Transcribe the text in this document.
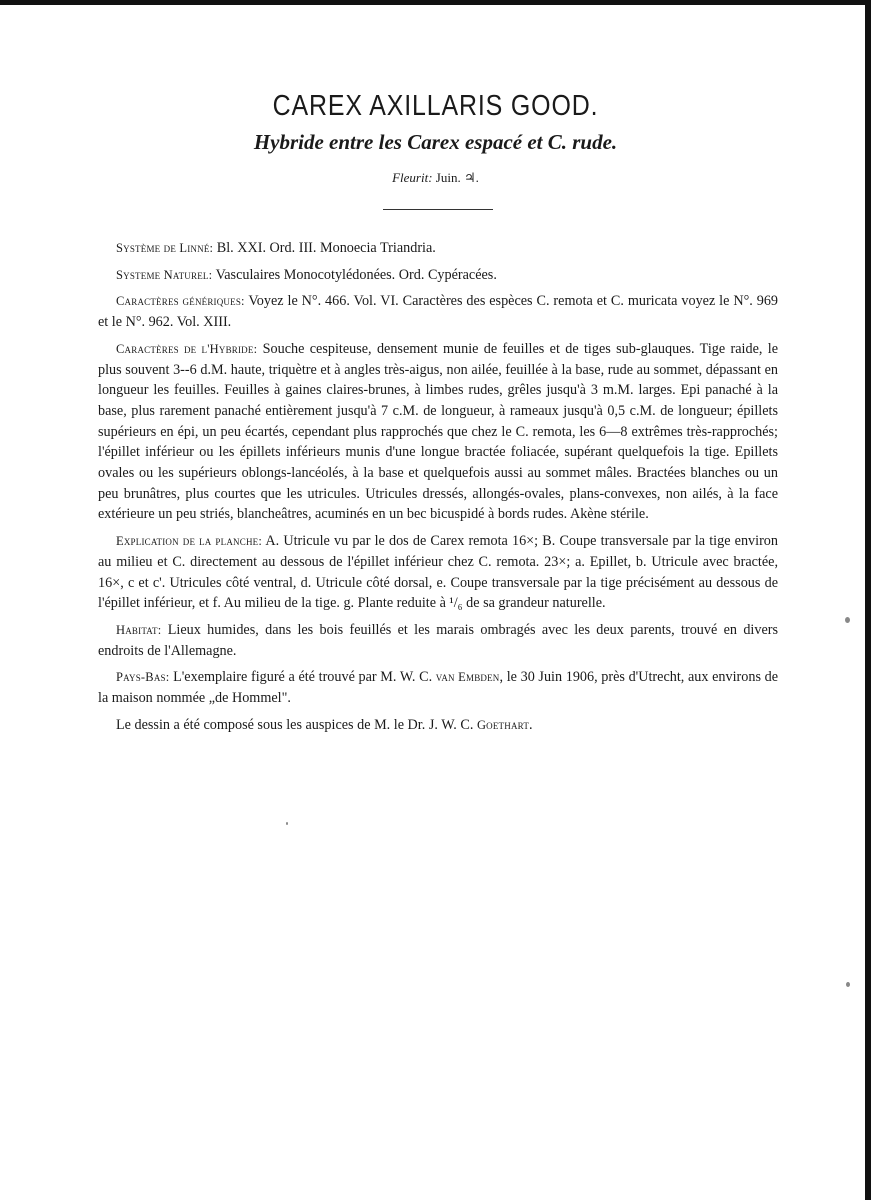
CAREX AXILLARIS GOOD.
Hybride entre les Carex espacé et C. rude.
Fleurit: Juin. ♃.

Système de Linné: Bl. XXI. Ord. III. Monoecia Triandria.

Systeme Naturel: Vasculaires Monocotylédonées. Ord. Cypéracées.

Caractères génériques: Voyez le N°. 466. Vol. VI. Caractères des espèces C. remota et C. muricata voyez le N°. 969 et le N°. 962. Vol. XIII.

Caractères de l'Hybride: Souche cespiteuse, densement munie de feuilles et de tiges sub-glauques. Tige raide, le plus souvent 3--6 d.M. haute, triquètre et à angles très-aigus, non ailée, feuillée à la base, rude au sommet, dépassant en longueur les feuilles. Feuilles à gaines claires-brunes, à limbes rudes, grêles jusqu'à 3 m.M. larges. Epi panaché à la base, plus rarement panaché entièrement jusqu'à 7 c.M. de longueur, à rameaux jusqu'à 0,5 c.M. de longueur; épillets supérieurs en épi, un peu écartés, cependant plus rapprochés que chez le C. remota, les 6—8 extrêmes très-rapprochés; l'épillet inférieur ou les épillets inférieurs munis d'une longue bractée foliacée, supérant quelquefois la tige. Epillets ovales ou les supérieurs oblongs-lancéolés, à la base et quelquefois aussi au sommet mâles. Bractées blanches ou un peu brunâtres, plus courtes que les utricules. Utricules dressés, allongés-ovales, plans-convexes, non ailés, à la face extérieure un peu striés, blancheâtres, acuminés en un bec bicuspidé à bords rudes. Akène stérile.

Explication de la planche: A. Utricule vu par le dos de Carex remota 16×; B. Coupe transversale par la tige environ au milieu et C. directement au dessous de l'épillet inférieur chez C. remota. 23×; a. Epillet, b. Utricule avec bractée, 16×, c et c'. Utricules côté ventral, d. Utricule côté dorsal, e. Coupe transversale par la tige précisément au dessous de l'épillet inférieur, et f. Au milieu de la tige. g. Plante reduite à ¹/₆ de sa grandeur naturelle.

Habitat: Lieux humides, dans les bois feuillés et les marais ombragés avec les deux parents, trouvé en divers endroits de l'Allemagne.

Pays-Bas: L'exemplaire figuré a été trouvé par M. W. C. van Embden, le 30 Juin 1906, près d'Utrecht, aux environs de la maison nommée „de Hommel".

Le dessin a été composé sous les auspices de M. le Dr. J. W. C. Goethart.
